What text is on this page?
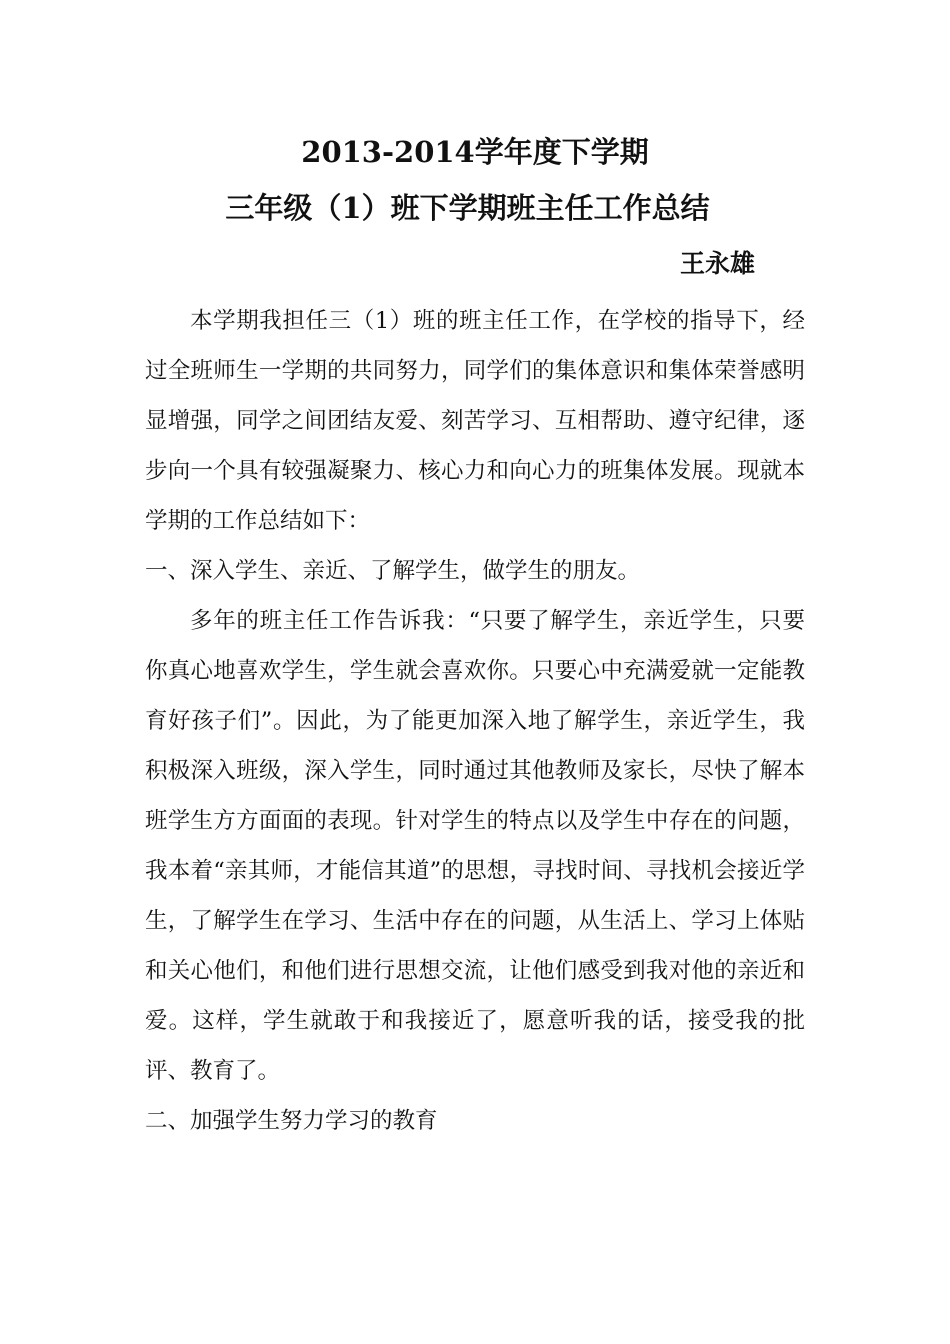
2013-2014学年度下学期
三年级（1）班下学期班主任工作总结
王永雄

本学期我担任三（1）班的班主任工作，在学校的指导下，经过全班师生一学期的共同努力，同学们的集体意识和集体荣誉感明显增强，同学之间团结友爱、刻苦学习、互相帮助、遵守纪律，逐步向一个具有较强凝聚力、核心力和向心力的班集体发展。现就本学期的工作总结如下：

一、深入学生、亲近、了解学生，做学生的朋友。

多年的班主任工作告诉我：“只要了解学生，亲近学生，只要你真心地喜欢学生，学生就会喜欢你。只要心中充满爱就一定能教育好孩子们”。因此，为了能更加深入地了解学生，亲近学生，我积极深入班级，深入学生，同时通过其他教师及家长，尽快了解本班学生方方面面的表现。针对学生的特点以及学生中存在的问题，我本着“亲其师，才能信其道”的思想，寻找时间、寻找机会接近学生，了解学生在学习、生活中存在的问题，从生活上、学习上体贴和关心他们，和他们进行思想交流，让他们感受到我对他的亲近和爱。这样，学生就敢于和我接近了，愿意听我的话，接受我的批评、教育了。

二、加强学生努力学习的教育
